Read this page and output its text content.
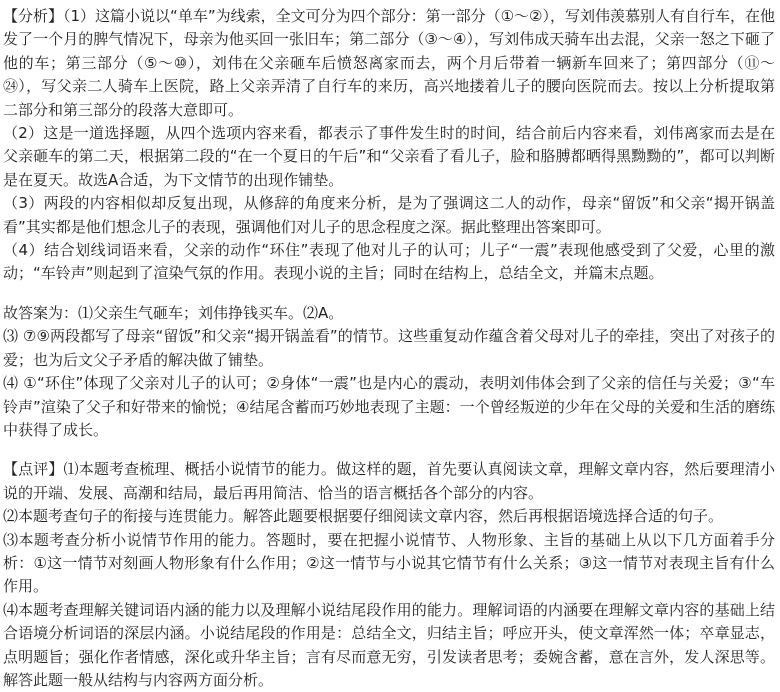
【分析】（1）这篇小说以“单车”为线索，全文可分为四个部分：第一部分（①～②），写刘伟羡慕别人有自行车，在他发了一个月的脾气情况下，母亲为他买回一张旧车；第二部分（③～④），写刘伟成天骑车出去混，父亲一怒之下砸了他的车；第三部分（⑤～⑩），刘伟在父亲砸车后愤怒离家而去，两个月后带着一辆新车回来了；第四部分（⑪～㉔），写父亲二人骑车上医院，路上父亲弄清了自行车的来历，高兴地搂着儿子的腰向医院而去。按以上分析提取第二部分和第三部分的段落大意即可。

（2）这是一道选择题，从四个选项内容来看，都表示了事件发生时的时间，结合前后内容来看，刘伟离家而去是在父亲砸车的第二天，根据第二段的“在一个夏日的午后”和“父亲看了看儿子，脸和胳膊都晒得黑黝黝的”，都可以判断是在夏天。故选A合适，为下文情节的出现作铺垫。

（3）两段的内容相似却反复出现，从修辞的角度来分析，是为了强调这二人的动作，母亲“留饭”和父亲“揭开锅盖看”其实都是他们想念儿子的表现，强调他们对儿子的思念程度之深。据此整理出答案即可。

（4）结合划线词语来看，父亲的动作“环住”表现了他对儿子的认可；儿子“一震”表现他感受到了父爱，心里的激动；“车铃声”则起到了渲染气氛的作用。表现小说的主旨；同时在结构上，总结全文，并篇末点题。

故答案为：⑴父亲生气砸车；刘伟挣钱买车。⑵A。

⑶ ⑦⑨两段都写了母亲“留饭”和父亲“揭开锅盖看”的情节。这些重复动作蕴含着父母对儿子的牵挂，突出了对孩子的爱；也为后文父子矛盾的解决做了铺垫。

⑷ ①“环住”体现了父亲对儿子的认可；②身体“一震”也是内心的震动，表明刘伟体会到了父亲的信任与关爱；③“车铃声”渲染了父子和好带来的愉悦；④结尾含蓄而巧妙地表现了主题：一个曾经叛逆的少年在父母的关爱和生活的磨练中获得了成长。

【点评】⑴本题考查梳理、概括小说情节的能力。做这样的题，首先要认真阅读文章，理解文章内容，然后要理清小说的开端、发展、高潮和结局，最后再用简洁、恰当的语言概括各个部分的内容。

⑵本题考查句子的衔接与连贯能力。解答此题要根据要仔细阅读文章内容，然后再根据语境选择合适的句子。

⑶本题考查分析小说情节作用的能力。答题时，要在把握小说情节、人物形象、主旨的基础上从以下几方面着手分析：①这一情节对刻画人物形象有什么作用；②这一情节与小说其它情节有什么关系；③这一情节对表现主旨有什么作用。

⑷本题考查理解关键词语内涵的能力以及理解小说结尾段作用的能力。理解词语的内涵要在理解文章内容的基础上结合语境分析词语的深层内涵。小说结尾段的作用是：总结全文，归结主旨；呼应开头，使文章浑然一体；卒章显志，点明题旨；强化作者情感，深化或升华主旨；言有尽而意无穷，引发读者思考；委婉含蓄，意在言外，发人深思等。解答此题一般从结构与内容两方面分析。
